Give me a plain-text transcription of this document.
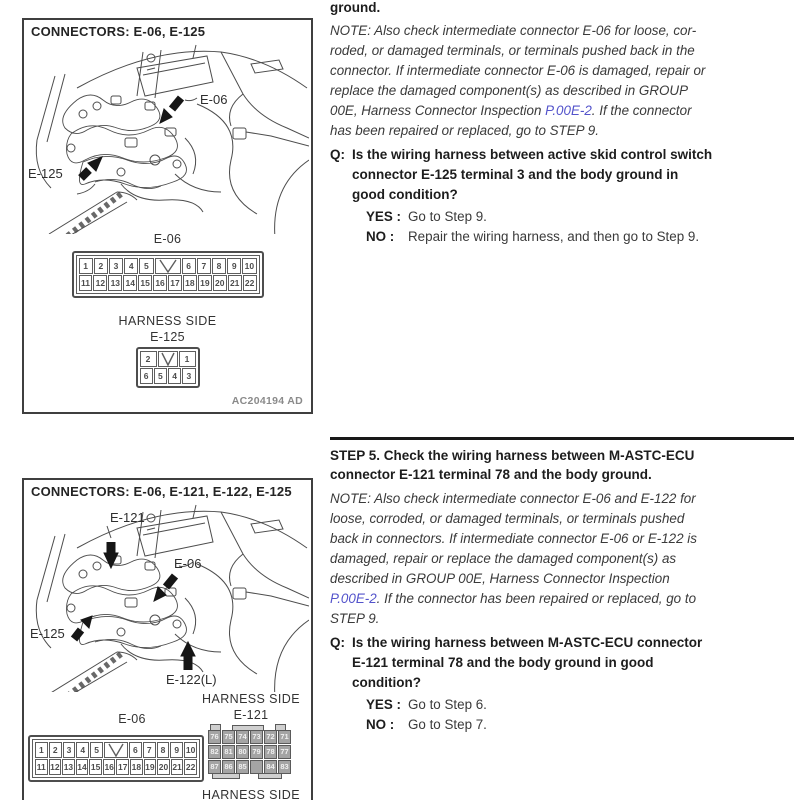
CONNECTORS: E-06, E-125
E-06
E-125
E-06
1	2	3	4	5	6	7	8	9 10
11 12 13 14 15 16 17 18 19 20 21 22
HARNESS SIDE
E-125
2	1
6	5	4	3
AC204194 AD
CONNECTORS: E-06, E-121, E-122, E-125
E-121
E-06
E-125
E-122(L)
HARNESS SIDE
E-121
E-06
1	2	3	4	5	6	7	8	9 10
11 12 13 14 15 16 17 18 19 20 21 22
76 75 74 73 72 71
82 81 80 79 78 77
87 86 85	84 83
HARNESS SIDE
ground.
NOTE: Also check intermediate connector E-06 for loose, cor-
roded, or damaged terminals, or terminals pushed back in the
connector. If intermediate connector E-06 is damaged, repair or
replace the damaged component(s) as described in GROUP
00E, Harness Connector Inspection P.00E-2. If the connector
has been repaired or replaced, go to STEP 9.
Q: Is the wiring harness between active skid control switch
connector E-125 terminal 3 and the body ground in
good condition?
YES : Go to Step 9.
NO :	Repair the wiring harness, and then go to Step 9.
STEP 5. Check the wiring harness between M-ASTC-ECU
connector E-121 terminal 78 and the body ground.
NOTE: Also check intermediate connector E-06 and E-122 for
loose, corroded, or damaged terminals, or terminals pushed
back in connectors. If intermediate connector E-06 or E-122 is
damaged, repair or replace the damaged component(s) as
described in GROUP 00E, Harness Connector Inspection
P.00E-2. If the connector has been repaired or replaced, go to
STEP 9.
Q: Is the wiring harness between M-ASTC-ECU connector
E-121 terminal 78 and the body ground in good
condition?
YES : Go to Step 6.
NO :	Go to Step 7.
